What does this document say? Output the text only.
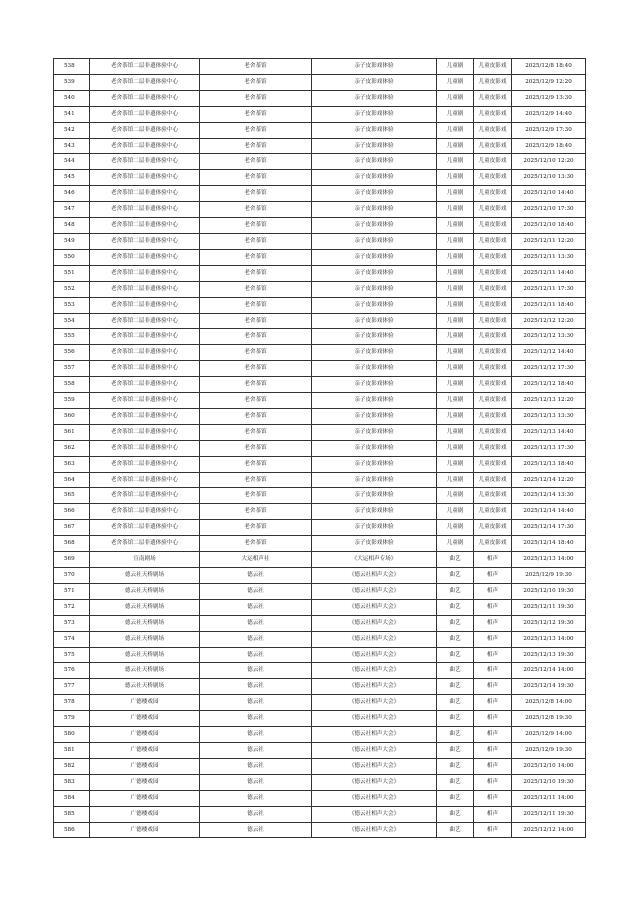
538	老舍茶馆二层非遗体验中心	老舍茶馆	亲子皮影戏体验	儿童剧	儿童皮影戏	2025/12/8 18:40
539	老舍茶馆二层非遗体验中心	老舍茶馆	亲子皮影戏体验	儿童剧	儿童皮影戏	2025/12/9 12:20
540	老舍茶馆二层非遗体验中心	老舍茶馆	亲子皮影戏体验	儿童剧	儿童皮影戏	2025/12/9 13:30
541	老舍茶馆二层非遗体验中心	老舍茶馆	亲子皮影戏体验	儿童剧	儿童皮影戏	2025/12/9 14:40
542	老舍茶馆二层非遗体验中心	老舍茶馆	亲子皮影戏体验	儿童剧	儿童皮影戏	2025/12/9 17:30
543	老舍茶馆二层非遗体验中心	老舍茶馆	亲子皮影戏体验	儿童剧	儿童皮影戏	2025/12/9 18:40
544	老舍茶馆二层非遗体验中心	老舍茶馆	亲子皮影戏体验	儿童剧	儿童皮影戏	2025/12/10 12:20
545	老舍茶馆二层非遗体验中心	老舍茶馆	亲子皮影戏体验	儿童剧	儿童皮影戏	2025/12/10 13:30
546	老舍茶馆二层非遗体验中心	老舍茶馆	亲子皮影戏体验	儿童剧	儿童皮影戏	2025/12/10 14:40
547	老舍茶馆二层非遗体验中心	老舍茶馆	亲子皮影戏体验	儿童剧	儿童皮影戏	2025/12/10 17:30
548	老舍茶馆二层非遗体验中心	老舍茶馆	亲子皮影戏体验	儿童剧	儿童皮影戏	2025/12/10 18:40
549	老舍茶馆二层非遗体验中心	老舍茶馆	亲子皮影戏体验	儿童剧	儿童皮影戏	2025/12/11 12:20
550	老舍茶馆二层非遗体验中心	老舍茶馆	亲子皮影戏体验	儿童剧	儿童皮影戏	2025/12/11 13:30
551	老舍茶馆二层非遗体验中心	老舍茶馆	亲子皮影戏体验	儿童剧	儿童皮影戏	2025/12/11 14:40
552	老舍茶馆二层非遗体验中心	老舍茶馆	亲子皮影戏体验	儿童剧	儿童皮影戏	2025/12/11 17:30
553	老舍茶馆二层非遗体验中心	老舍茶馆	亲子皮影戏体验	儿童剧	儿童皮影戏	2025/12/11 18:40
554	老舍茶馆二层非遗体验中心	老舍茶馆	亲子皮影戏体验	儿童剧	儿童皮影戏	2025/12/12 12:20
555	老舍茶馆二层非遗体验中心	老舍茶馆	亲子皮影戏体验	儿童剧	儿童皮影戏	2025/12/12 13:30
556	老舍茶馆二层非遗体验中心	老舍茶馆	亲子皮影戏体验	儿童剧	儿童皮影戏	2025/12/12 14:40
557	老舍茶馆二层非遗体验中心	老舍茶馆	亲子皮影戏体验	儿童剧	儿童皮影戏	2025/12/12 17:30
558	老舍茶馆二层非遗体验中心	老舍茶馆	亲子皮影戏体验	儿童剧	儿童皮影戏	2025/12/12 18:40
559	老舍茶馆二层非遗体验中心	老舍茶馆	亲子皮影戏体验	儿童剧	儿童皮影戏	2025/12/13 12:20
560	老舍茶馆二层非遗体验中心	老舍茶馆	亲子皮影戏体验	儿童剧	儿童皮影戏	2025/12/13 13:30
561	老舍茶馆二层非遗体验中心	老舍茶馆	亲子皮影戏体验	儿童剧	儿童皮影戏	2025/12/13 14:40
562	老舍茶馆二层非遗体验中心	老舍茶馆	亲子皮影戏体验	儿童剧	儿童皮影戏	2025/12/13 17:30
563	老舍茶馆二层非遗体验中心	老舍茶馆	亲子皮影戏体验	儿童剧	儿童皮影戏	2025/12/13 18:40
564	老舍茶馆二层非遗体验中心	老舍茶馆	亲子皮影戏体验	儿童剧	儿童皮影戏	2025/12/14 12:20
565	老舍茶馆二层非遗体验中心	老舍茶馆	亲子皮影戏体验	儿童剧	儿童皮影戏	2025/12/14 13:30
566	老舍茶馆二层非遗体验中心	老舍茶馆	亲子皮影戏体验	儿童剧	儿童皮影戏	2025/12/14 14:40
567	老舍茶馆二层非遗体验中心	老舍茶馆	亲子皮影戏体验	儿童剧	儿童皮影戏	2025/12/14 17:30
568	老舍茶馆二层非遗体验中心	老舍茶馆	亲子皮影戏体验	儿童剧	儿童皮影戏	2025/12/14 18:40
569	宣南剧场	大运相声社	《大运相声专场》	曲艺	相声	2025/12/13 14:00
570	德云社天桥剧场	德云社	《德云社相声大会》	曲艺	相声	2025/12/9 19:30
571	德云社天桥剧场	德云社	《德云社相声大会》	曲艺	相声	2025/12/10 19:30
572	德云社天桥剧场	德云社	《德云社相声大会》	曲艺	相声	2025/12/11 19:30
573	德云社天桥剧场	德云社	《德云社相声大会》	曲艺	相声	2025/12/12 19:30
574	德云社天桥剧场	德云社	《德云社相声大会》	曲艺	相声	2025/12/13 14:00
575	德云社天桥剧场	德云社	《德云社相声大会》	曲艺	相声	2025/12/13 19:30
576	德云社天桥剧场	德云社	《德云社相声大会》	曲艺	相声	2025/12/14 14:00
577	德云社天桥剧场	德云社	《德云社相声大会》	曲艺	相声	2025/12/14 19:30
578	广德楼戏园	德云社	《德云社相声大会》	曲艺	相声	2025/12/8 14:00
579	广德楼戏园	德云社	《德云社相声大会》	曲艺	相声	2025/12/8 19:30
580	广德楼戏园	德云社	《德云社相声大会》	曲艺	相声	2025/12/9 14:00
581	广德楼戏园	德云社	《德云社相声大会》	曲艺	相声	2025/12/9 19:30
582	广德楼戏园	德云社	《德云社相声大会》	曲艺	相声	2025/12/10 14:00
583	广德楼戏园	德云社	《德云社相声大会》	曲艺	相声	2025/12/10 19:30
584	广德楼戏园	德云社	《德云社相声大会》	曲艺	相声	2025/12/11 14:00
585	广德楼戏园	德云社	《德云社相声大会》	曲艺	相声	2025/12/11 19:30
586	广德楼戏园	德云社	《德云社相声大会》	曲艺	相声	2025/12/12 14:00
